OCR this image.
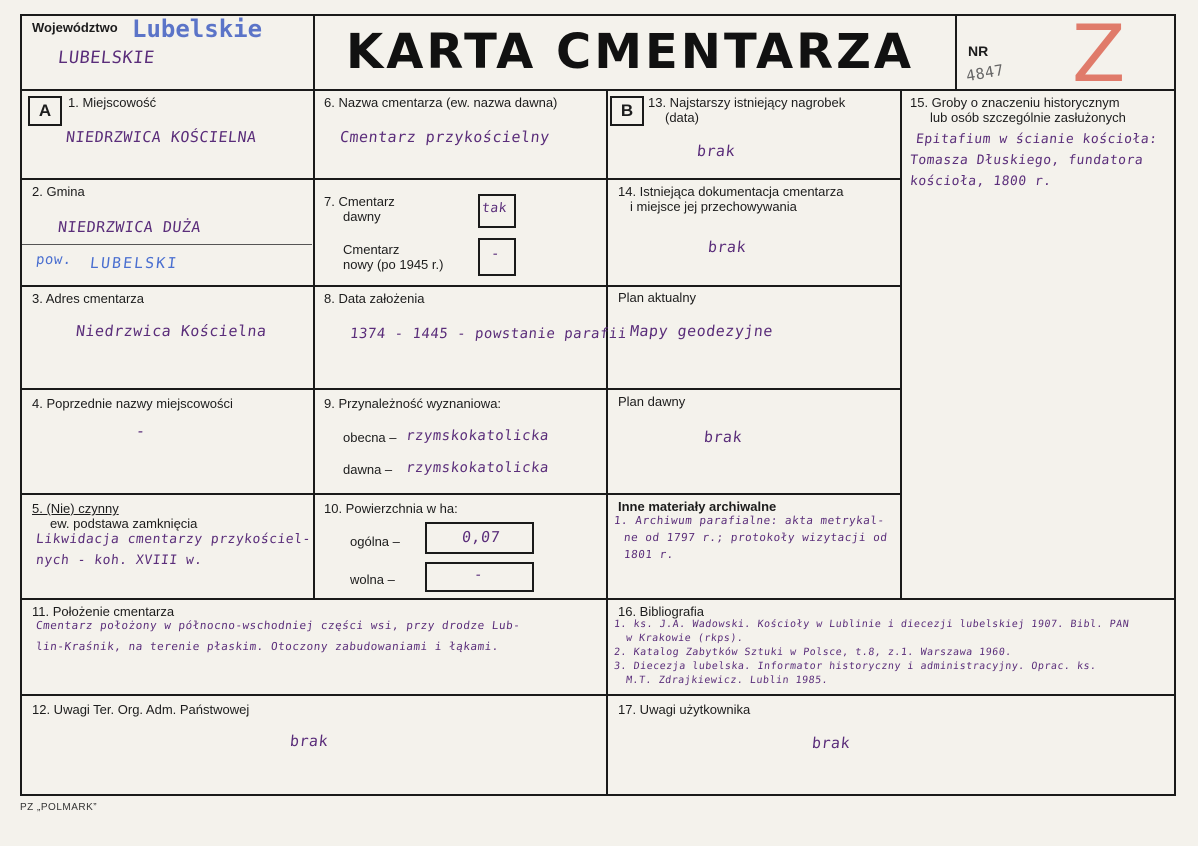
Województwo Lubelskie
LUBELSKIE	KARTA CMENTARZA	NR
4847 Z
A	B
1. Miejscowość
NIEDRZWICA KOŚCIELNA
2. Gmina
NIEDRZWICA DUŻA
pow. LUBELSKI
3. Adres cmentarza
Niedrzwica Kościelna
4. Poprzednie nazwy miejscowości
-
5. (Nie) czynny
ew. podstawa zamknięcia
Likwidacja cmentarzy przykościel-
nych - koh. XVIII w.
6. Nazwa cmentarza (ew. nazwa dawna)
Cmentarz przykościelny
7. Cmentarz
dawny
tak
Cmentarz
nowy (po 1945 r.)
-
8. Data założenia
1374 - 1445 - powstanie parafii
9. Przynależność wyznaniowa:
obecna – rzymskokatolicka
dawna – rzymskokatolicka
10. Powierzchnia w ha:
ogólna –	0,07
wolna –	-
13. Najstarszy istniejący nagrobek
(data)
brak
14. Istniejąca dokumentacja cmentarza
i miejsce jej przechowywania
brak
Plan aktualny
Mapy geodezyjne
Plan dawny
brak
Inne materiały archiwalne
1. Archiwum parafialne: akta metrykal-
ne od 1797 r.; protokoły wizytacji od
1801 r.
15. Groby o znaczeniu historycznym
lub osób szczególnie zasłużonych
Epitafium w ścianie kościoła:
Tomasza Dłuskiego, fundatora
kościoła, 1800 r.
11. Położenie cmentarza
Cmentarz położony w północno-wschodniej części wsi, przy drodze Lub-
lin-Kraśnik, na terenie płaskim. Otoczony zabudowaniami i łąkami.
16. Bibliografia
1. ks. J.A. Wadowski. Kościoły w Lublinie i diecezji lubelskiej 1907. Bibl. PAN
w Krakowie (rkps).
2. Katalog Zabytków Sztuki w Polsce, t.8, z.1. Warszawa 1960.
3. Diecezja lubelska. Informator historyczny i administracyjny. Oprac. ks.
M.T. Zdrajkiewicz. Lublin 1985.
12. Uwagi Ter. Org. Adm. Państwowej
brak
17. Uwagi użytkownika
brak
PZ „POLMARK”
